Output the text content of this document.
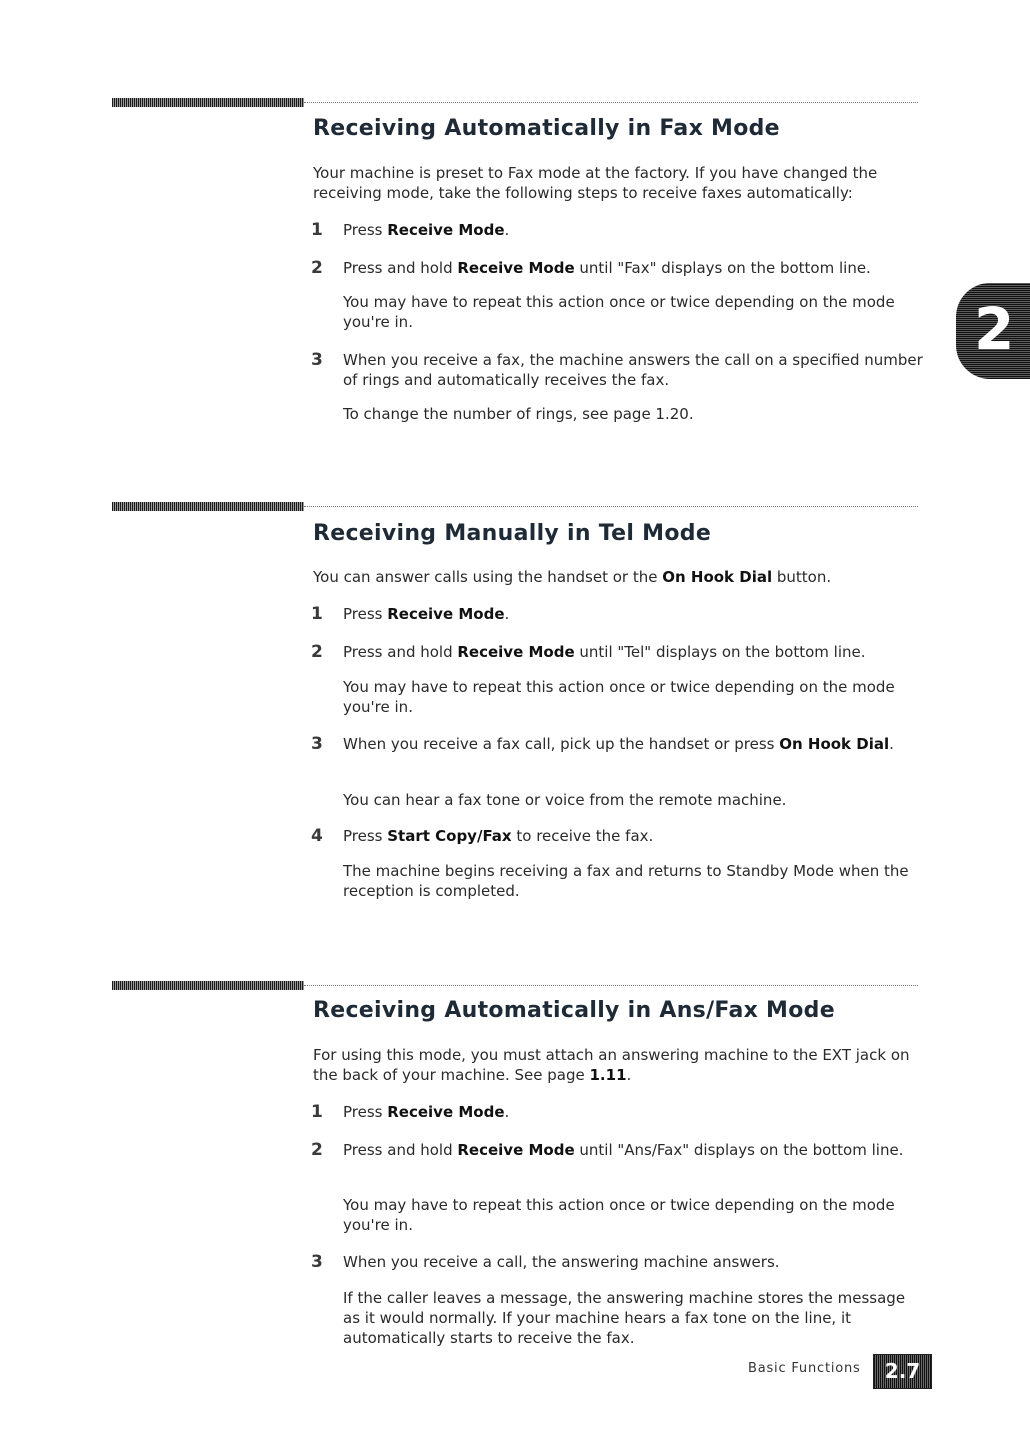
2
Receiving Automatically in Fax Mode

Your machine is preset to Fax mode at the factory. If you have changed the receiving mode, take the following steps to receive faxes automatically:

1 Press Receive Mode.

2 Press and hold Receive Mode until "Fax" displays on the bottom line.

You may have to repeat this action once or twice depending on the mode you're in.

3 When you receive a fax, the machine answers the call on a specified number of rings and automatically receives the fax.

To change the number of rings, see page 1.20.

Receiving Manually in Tel Mode

You can answer calls using the handset or the On Hook Dial button.

1 Press Receive Mode.

2 Press and hold Receive Mode until "Tel" displays on the bottom line.

You may have to repeat this action once or twice depending on the mode you're in.

3 When you receive a fax call, pick up the handset or press On Hook Dial.

You can hear a fax tone or voice from the remote machine.

4 Press Start Copy/Fax to receive the fax.

The machine begins receiving a fax and returns to Standby Mode when the reception is completed.

Receiving Automatically in Ans/Fax Mode

For using this mode, you must attach an answering machine to the EXT jack on the back of your machine. See page 1.11.

1 Press Receive Mode.

2 Press and hold Receive Mode until "Ans/Fax" displays on the bottom line.

You may have to repeat this action once or twice depending on the mode you're in.

3 When you receive a call, the answering machine answers.

If the caller leaves a message, the answering machine stores the message as it would normally. If your machine hears a fax tone on the line, it automatically starts to receive the fax.

Basic Functions	2.7
